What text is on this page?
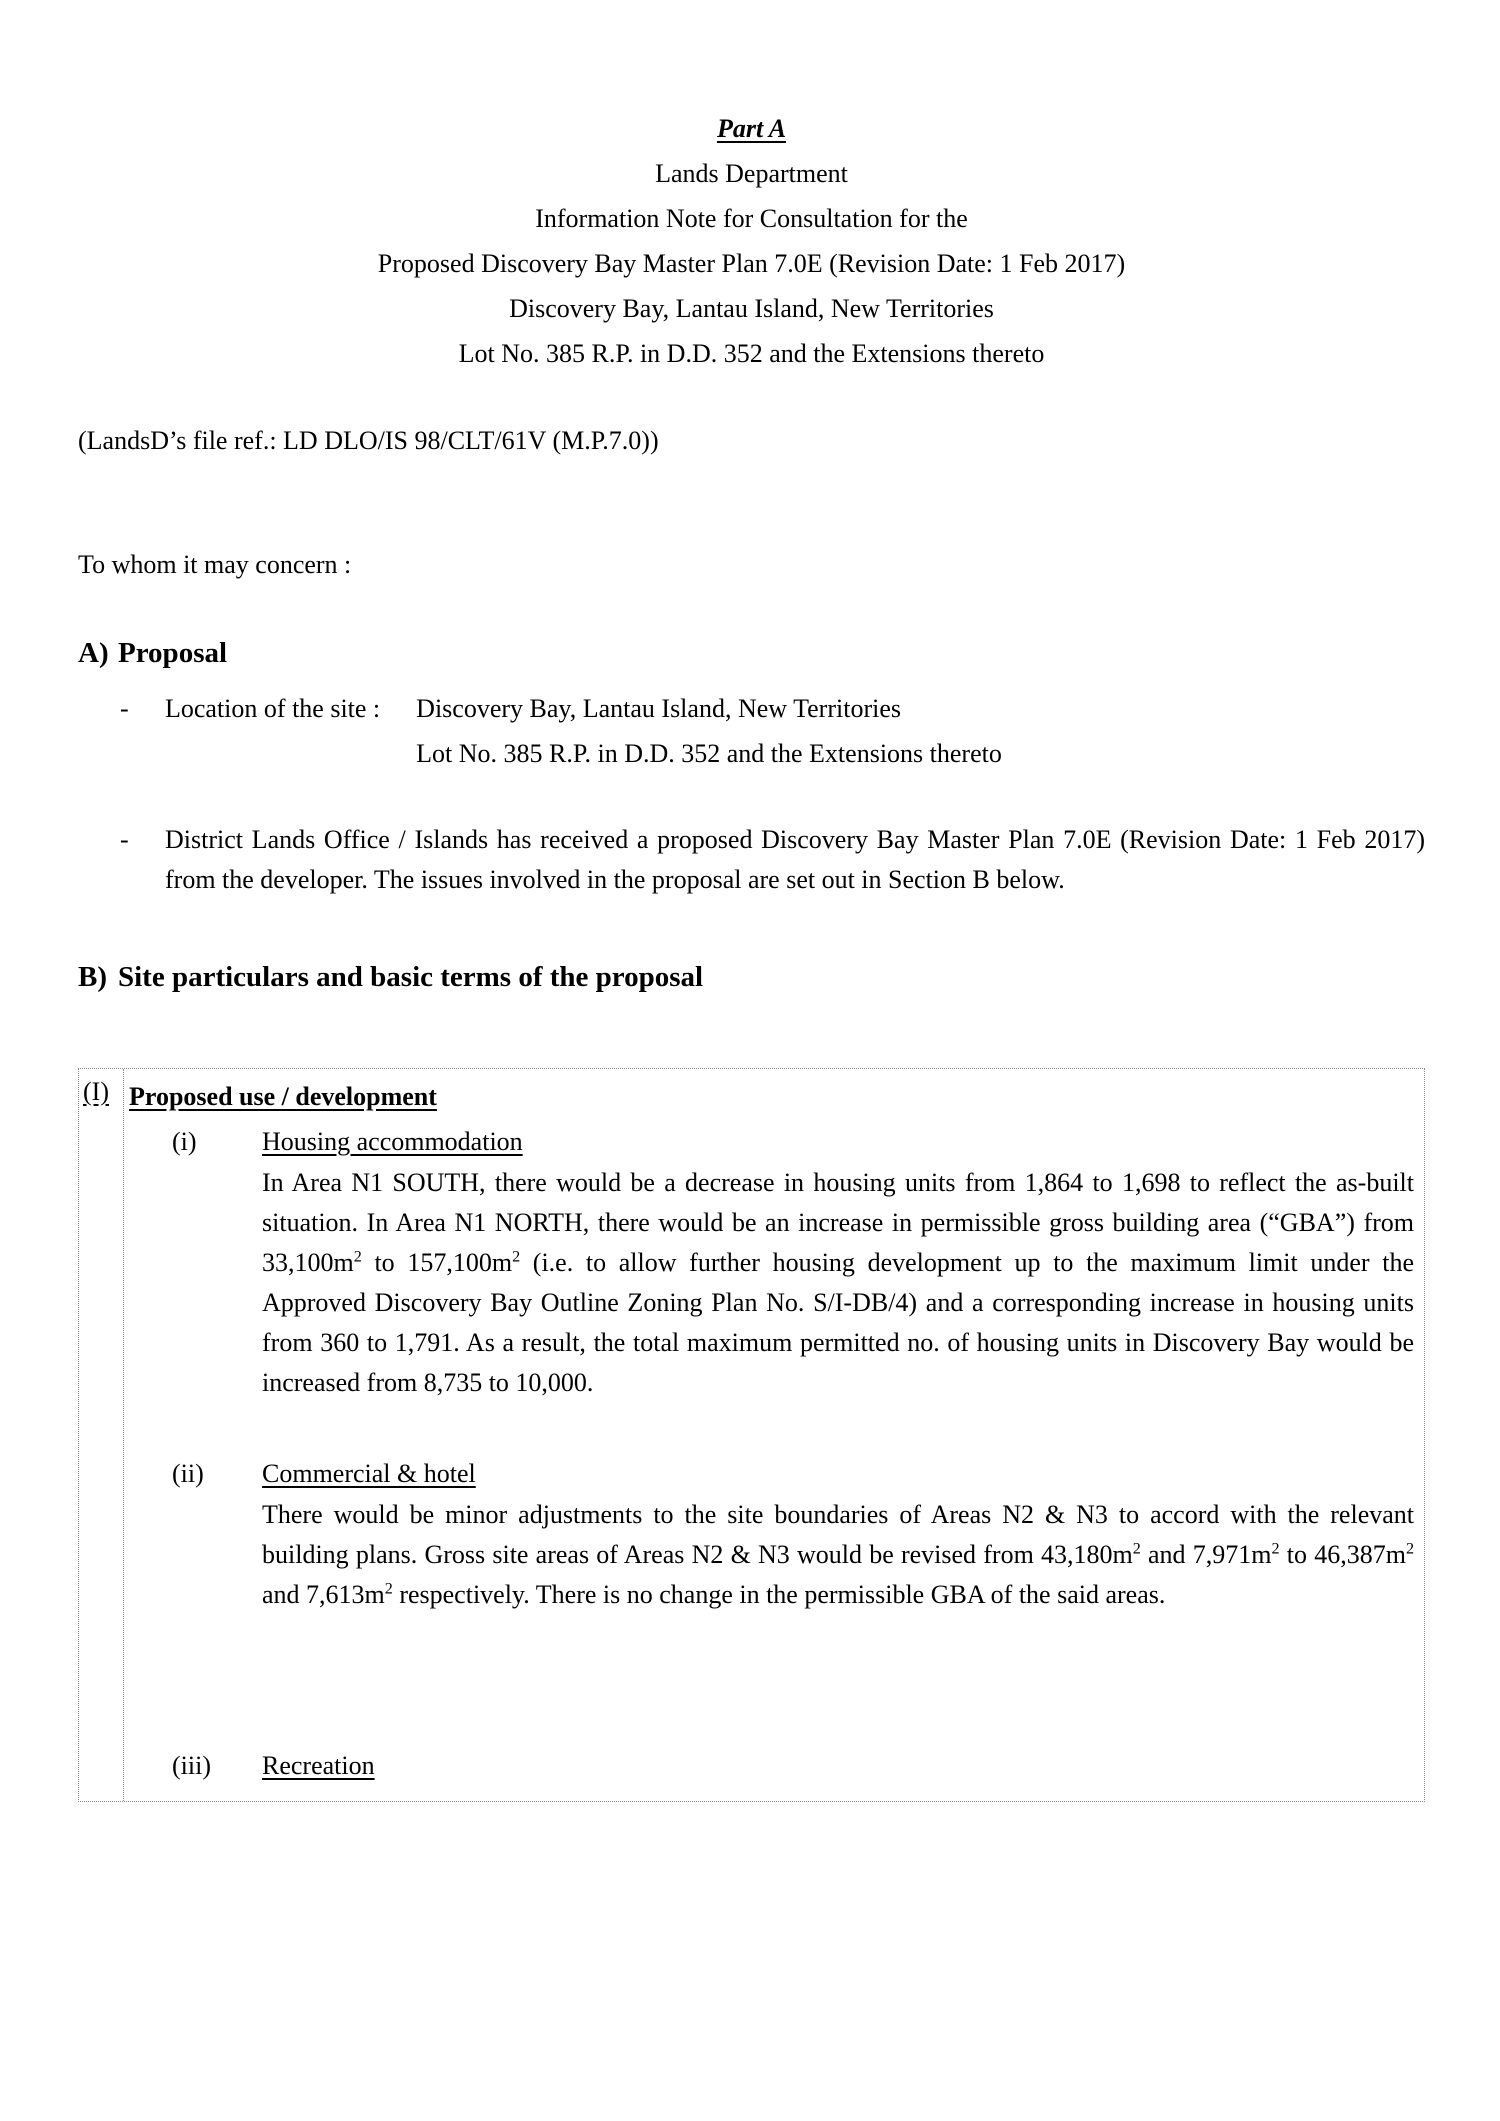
Part A
Lands Department
Information Note for Consultation for the
Proposed Discovery Bay Master Plan 7.0E (Revision Date: 1 Feb 2017)
Discovery Bay, Lantau Island, New Territories
Lot No. 385 R.P. in D.D. 352 and the Extensions thereto

(LandsD’s file ref.: LD DLO/IS 98/CLT/61V (M.P.7.0))

To whom it may concern :

A) Proposal
-	Location of the site : Discovery Bay, Lantau Island, New Territories
Lot No. 385 R.P. in D.D. 352 and the Extensions thereto
-	District Lands Office / Islands has received a proposed Discovery Bay Master Plan 7.0E (Revision Date: 1 Feb 2017) from the developer. The issues involved in the proposal are set out in Section B below.

B) Site particulars and basic terms of the proposal
(I) Proposed use / development
(i)	Housing accommodation

In Area N1 SOUTH, there would be a decrease in housing units from 1,864 to 1,698 to reflect the as-built situation. In Area N1 NORTH, there would be an increase in permissible gross building area (“GBA”) from $33,100m^2$ to $157,100m^2$ (i.e. to allow further housing development up to the maximum limit under the Approved Discovery Bay Outline Zoning Plan No. S/I-DB/4) and a corresponding increase in housing units from 360 to 1,791. As a result, the total maximum permitted no. of housing units in Discovery Bay would be increased from 8,735 to 10,000.

(ii)	Commercial & hotel

There would be minor adjustments to the site boundaries of Areas N2 & N3 to accord with the relevant building plans. Gross site areas of Areas N2 & N3 would be revised from $43,180m^2$ and $7,971m^2$ to $46,387m^2$ and $7,613m^2$ respectively. There is no change in the permissible GBA of the said areas.

(iii)	Recreation
